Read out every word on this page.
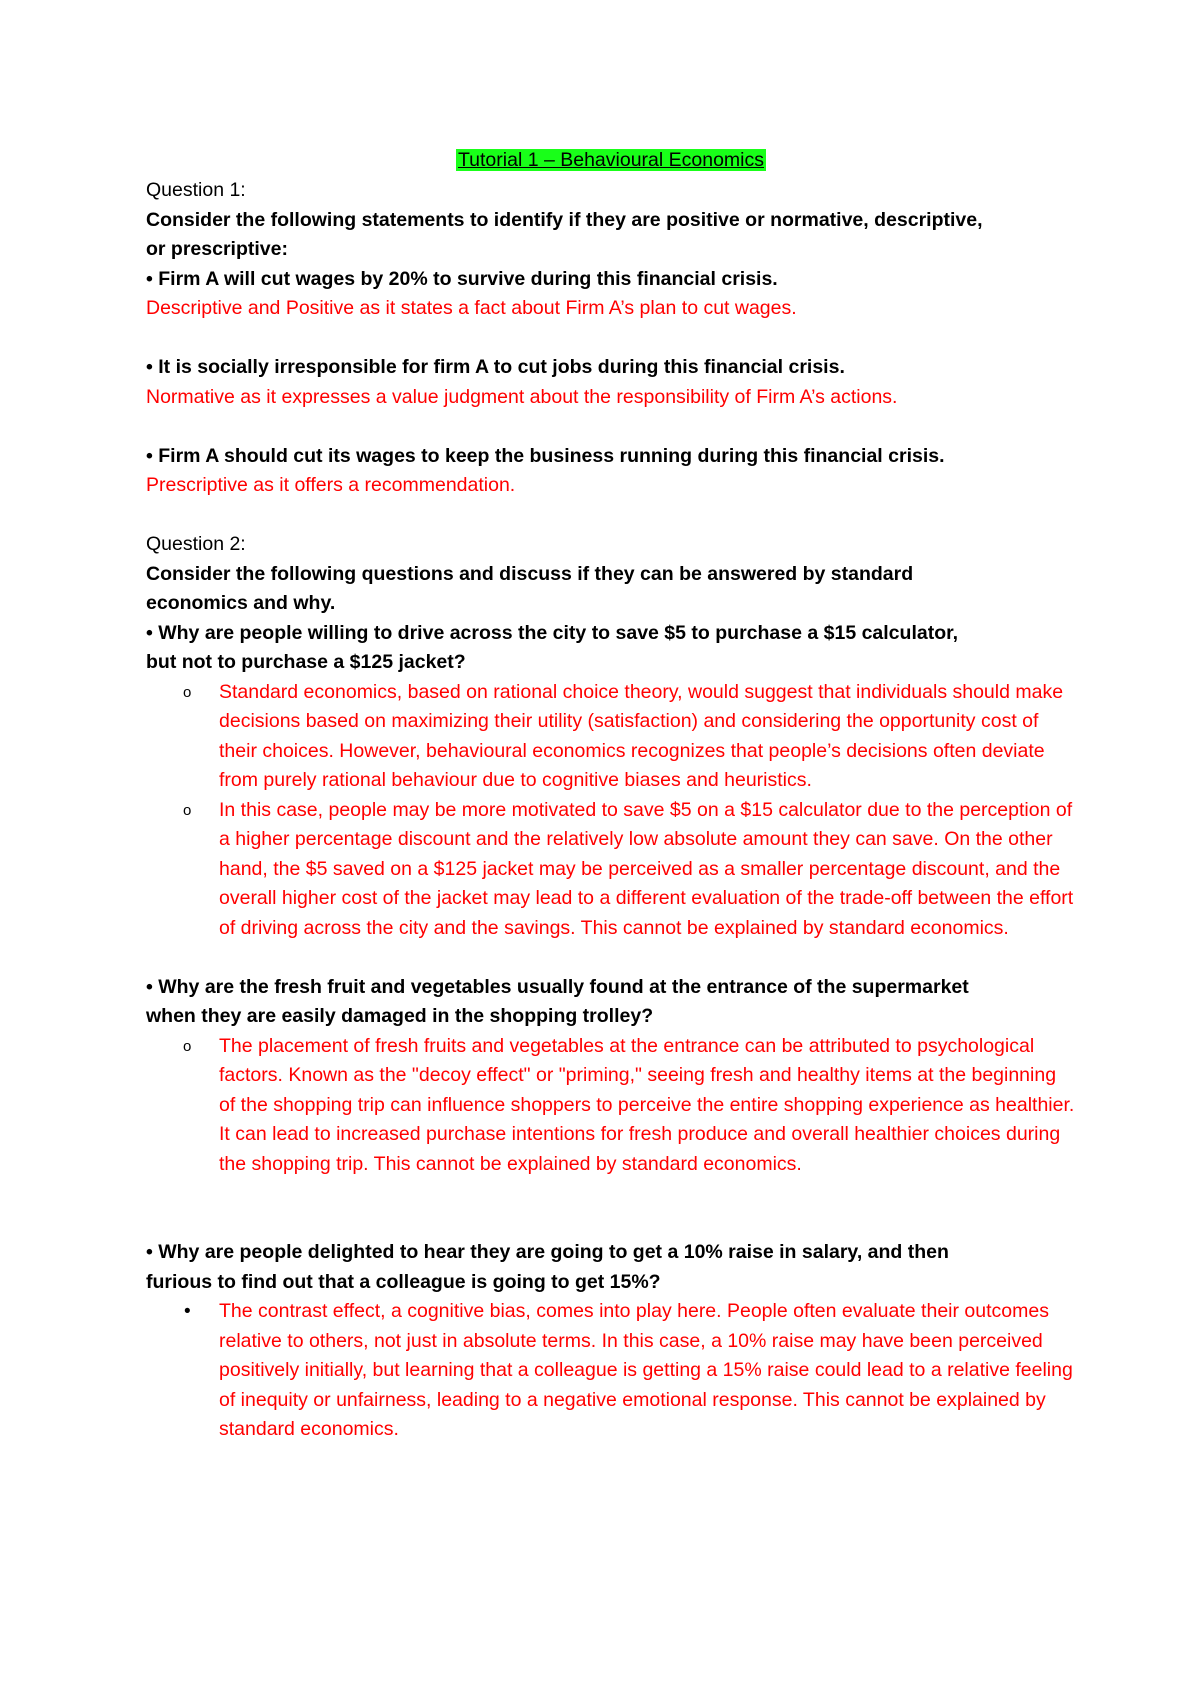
Tutorial 1 – Behavioural Economics

Question 1:

Consider the following statements to identify if they are positive or normative, descriptive,

or prescriptive:

• Firm A will cut wages by 20% to survive during this financial crisis.

Descriptive and Positive as it states a fact about Firm A’s plan to cut wages.

• It is socially irresponsible for firm A to cut jobs during this financial crisis.

Normative as it expresses a value judgment about the responsibility of Firm A’s actions.

• Firm A should cut its wages to keep the business running during this financial crisis.

Prescriptive as it offers a recommendation.

Question 2:

Consider the following questions and discuss if they can be answered by standard

economics and why.

• Why are people willing to drive across the city to save $5 to purchase a $15 calculator,

but not to purchase a $125 jacket?

o Standard economics, based on rational choice theory, would suggest that individuals should make decisions based on maximizing their utility (satisfaction) and considering the opportunity cost of their choices. However, behavioural economics recognizes that people’s decisions often deviate from purely rational behaviour due to cognitive biases and heuristics.
o In this case, people may be more motivated to save $5 on a $15 calculator due to the perception of a higher percentage discount and the relatively low absolute amount they can save. On the other hand, the $5 saved on a $125 jacket may be perceived as a smaller percentage discount, and the overall higher cost of the jacket may lead to a different evaluation of the trade-off between the effort of driving across the city and the savings. This cannot be explained by standard economics.

• Why are the fresh fruit and vegetables usually found at the entrance of the supermarket

when they are easily damaged in the shopping trolley?

o The placement of fresh fruits and vegetables at the entrance can be attributed to psychological factors. Known as the "decoy effect" or "priming," seeing fresh and healthy items at the beginning of the shopping trip can influence shoppers to perceive the entire shopping experience as healthier. It can lead to increased purchase intentions for fresh produce and overall healthier choices during the shopping trip. This cannot be explained by standard economics.

• Why are people delighted to hear they are going to get a 10% raise in salary, and then

furious to find out that a colleague is going to get 15%?

• The contrast effect, a cognitive bias, comes into play here. People often evaluate their outcomes relative to others, not just in absolute terms. In this case, a 10% raise may have been perceived positively initially, but learning that a colleague is getting a 15% raise could lead to a relative feeling of inequity or unfairness, leading to a negative emotional response. This cannot be explained by standard economics.
